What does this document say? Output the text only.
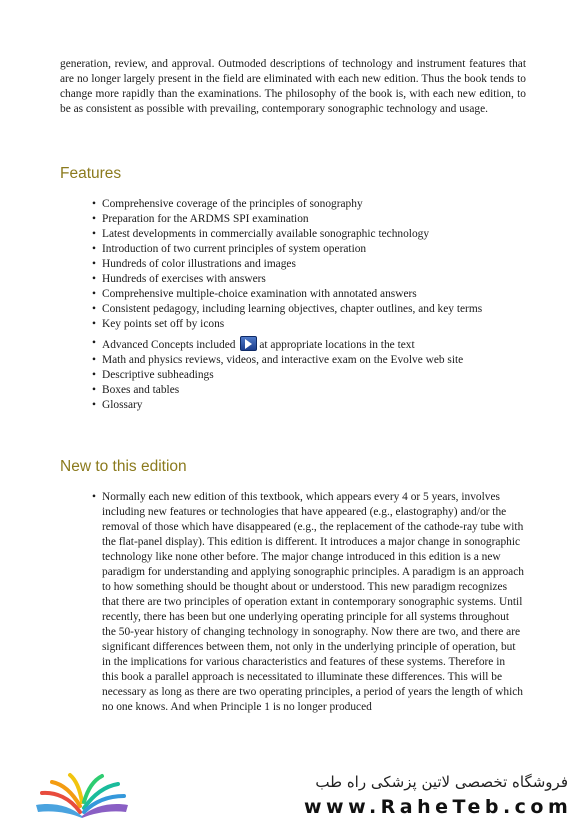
generation, review, and approval. Outmoded descriptions of technology and instrument features that are no longer largely present in the field are eliminated with each new edition. Thus the book tends to change more rapidly than the examinations. The philosophy of the book is, with each new edition, to be as consistent as possible with prevailing, contemporary sonographic technology and usage.

Features
• Comprehensive coverage of the principles of sonography
• Preparation for the ARDMS SPI examination
• Latest developments in commercially available sonographic technology
• Introduction of two current principles of system operation
• Hundreds of color illustrations and images
• Hundreds of exercises with answers
• Comprehensive multiple-choice examination with annotated answers
• Consistent pedagogy, including learning objectives, chapter outlines, and key terms
• Key points set off by icons
• Advanced Concepts included at appropriate locations in the text
• Math and physics reviews, videos, and interactive exam on the Evolve web site
• Descriptive subheadings
• Boxes and tables
• Glossary
New to this edition
• Normally each new edition of this textbook, which appears every 4 or 5 years, involves including new features or technologies that have appeared (e.g., elastography) and/or the removal of those which have disappeared (e.g., the replacement of the cathode-ray tube with the flat-panel display). This edition is different. It introduces a major change in sonographic technology like none other before. The major change introduced in this edition is a new paradigm for understanding and applying sonographic principles. A paradigm is an approach to how something should be thought about or understood. This new paradigm recognizes that there are two principles of operation extant in contemporary sonographic systems. Until recently, there has been but one underlying operating principle for all systems throughout the 50-year history of changing technology in sonography. Now there are two, and there are significant differences between them, not only in the underlying principle of operation, but in the implications for various characteristics and features of these systems. Therefore in this book a parallel approach is necessitated to illuminate these differences. This will be necessary as long as there are two operating principles, a period of years the length of which no one knows. And when Principle 1 is no longer produced
فروشگاه تخصصی لاتین پزشکی راه طب
www.RaheTeb.com
